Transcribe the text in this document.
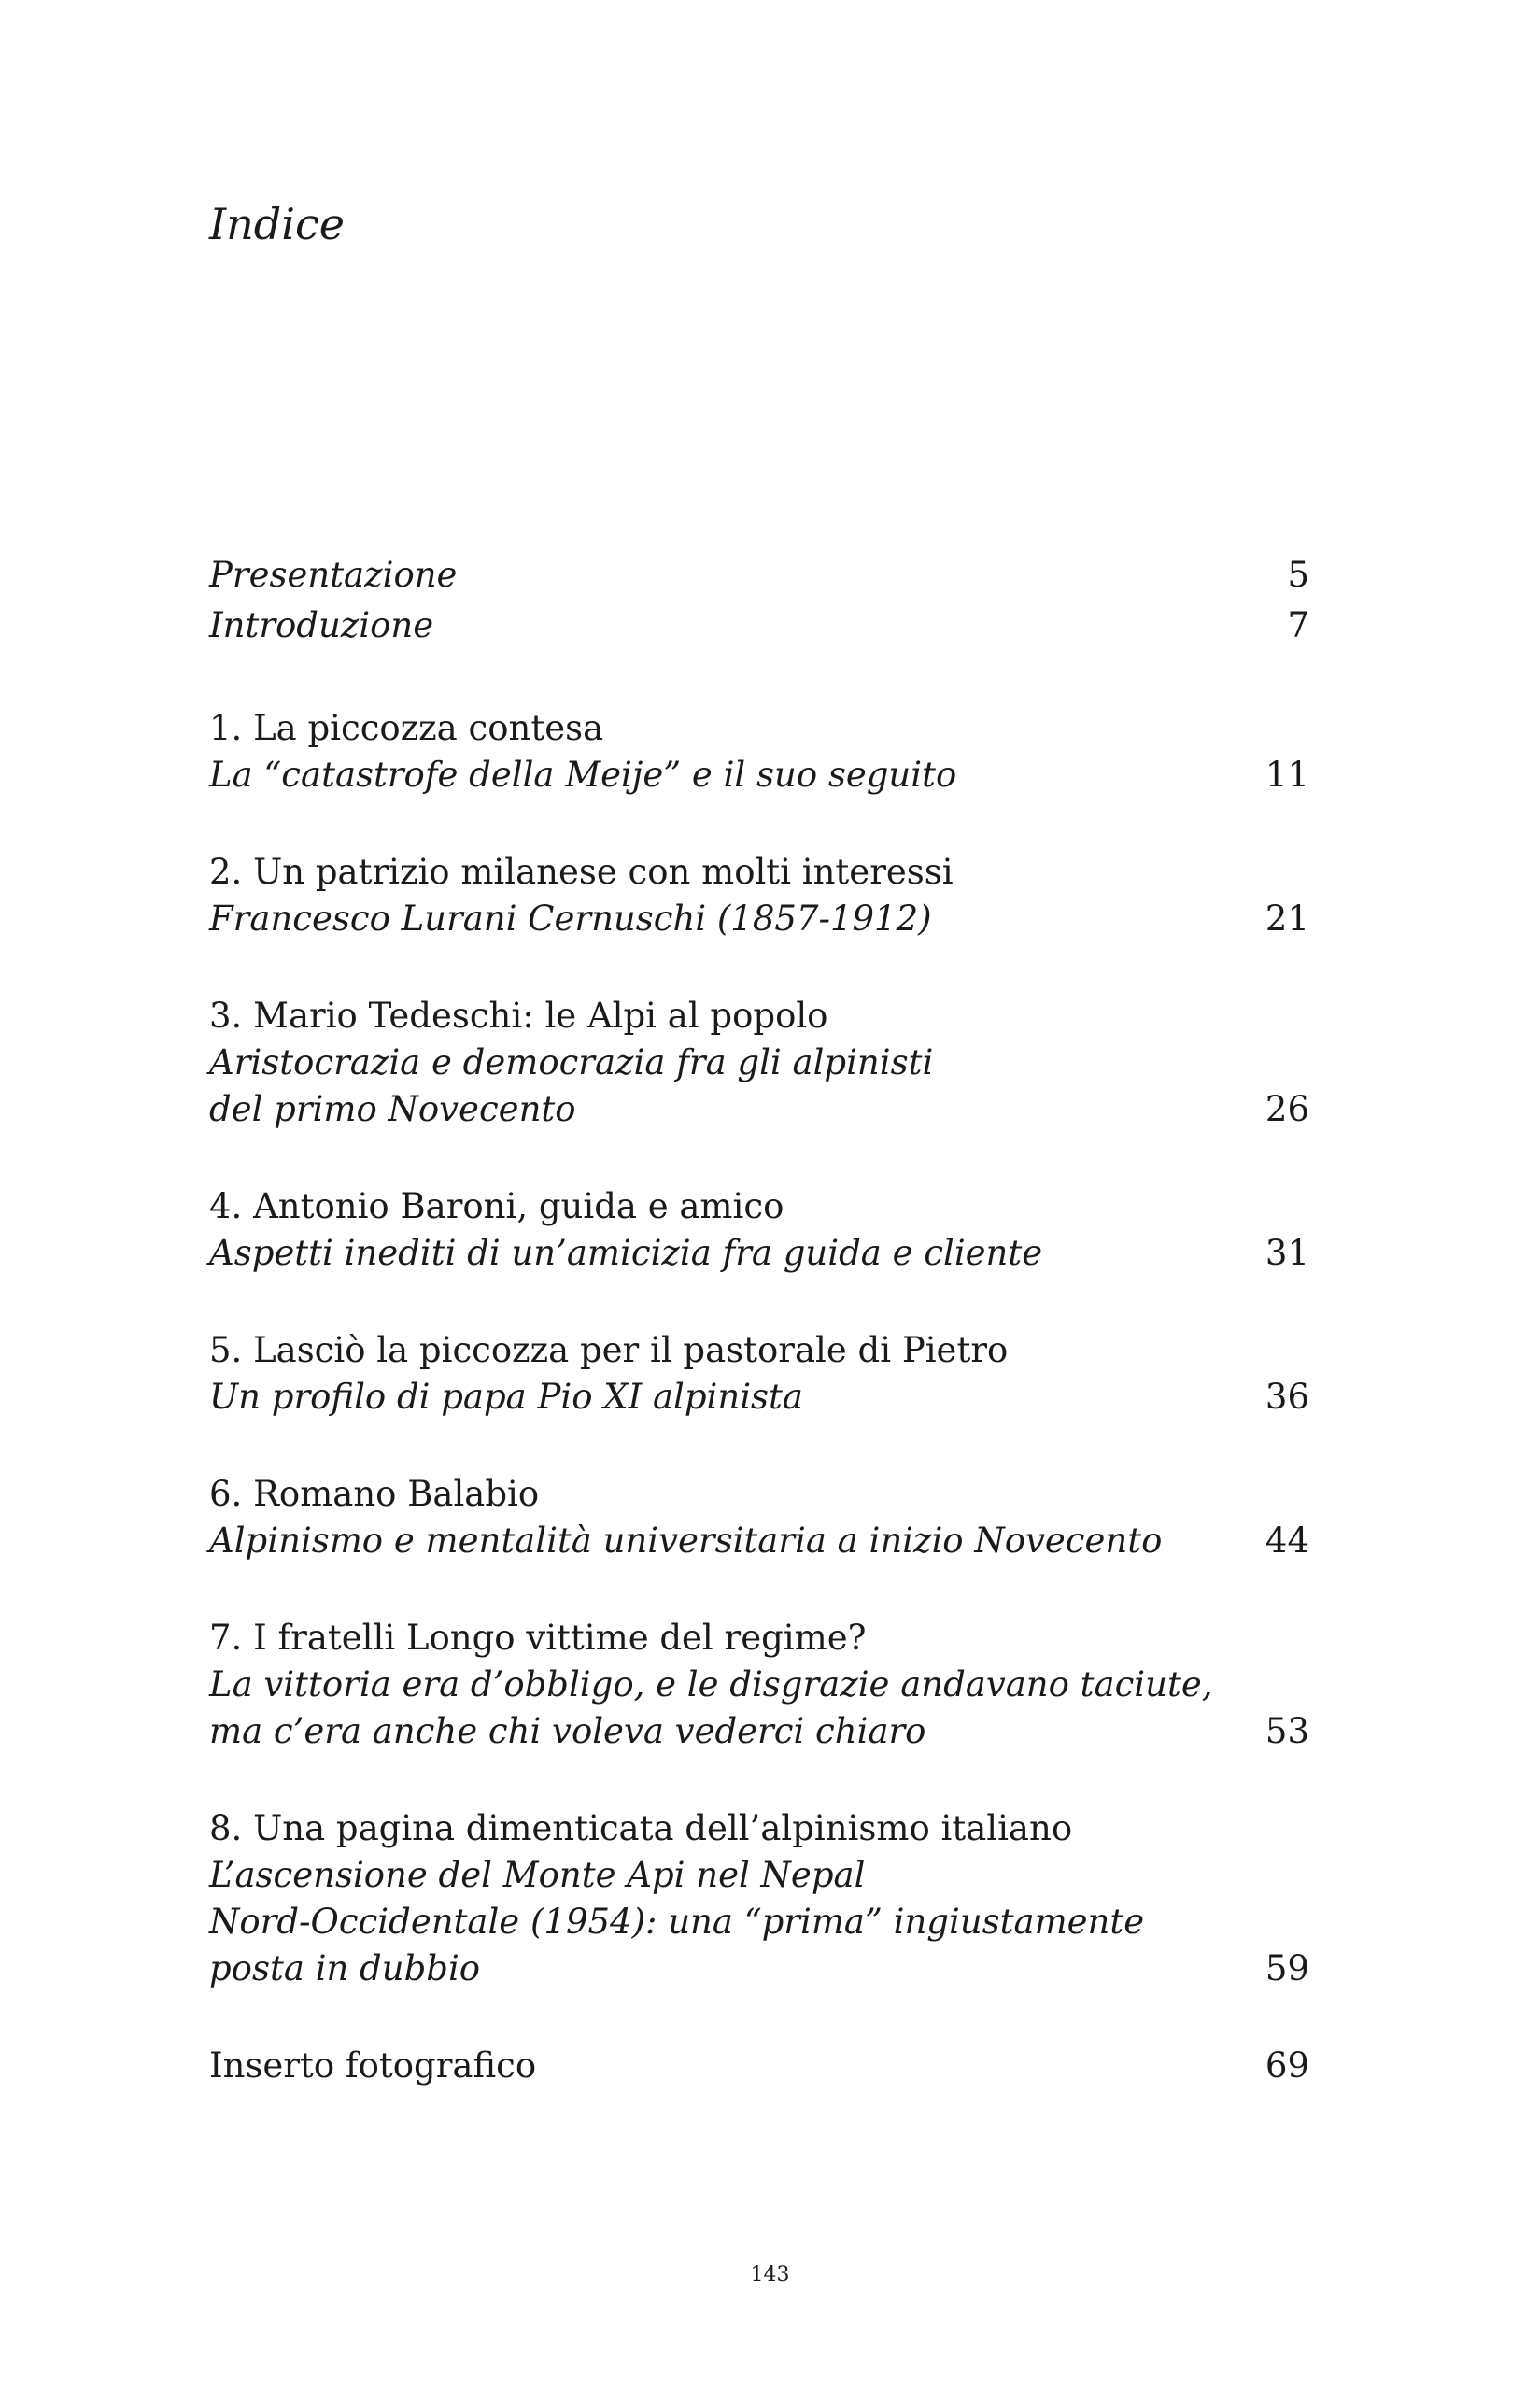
Indice
Presentazione	5
Introduzione	7
1. La piccozza contesa
La “catastrofe della Meije” e il suo seguito	11
2. Un patrizio milanese con molti interessi
Francesco Lurani Cernuschi (1857-1912)	21
3. Mario Tedeschi: le Alpi al popolo
Aristocrazia e democrazia fra gli alpinisti
del primo Novecento	26
4. Antonio Baroni, guida e amico
Aspetti inediti di un’amicizia fra guida e cliente	31
5. Lasciò la piccozza per il pastorale di Pietro
Un profilo di papa Pio XI alpinista	36
6. Romano Balabio
Alpinismo e mentalità universitaria a inizio Novecento	44
7. I fratelli Longo vittime del regime?
La vittoria era d’obbligo, e le disgrazie andavano taciute,
ma c’era anche chi voleva vederci chiaro	53
8. Una pagina dimenticata dell’alpinismo italiano
L’ascensione del Monte Api nel Nepal
Nord-Occidentale (1954): una “prima” ingiustamente
posta in dubbio	59
Inserto fotografico	69
143
